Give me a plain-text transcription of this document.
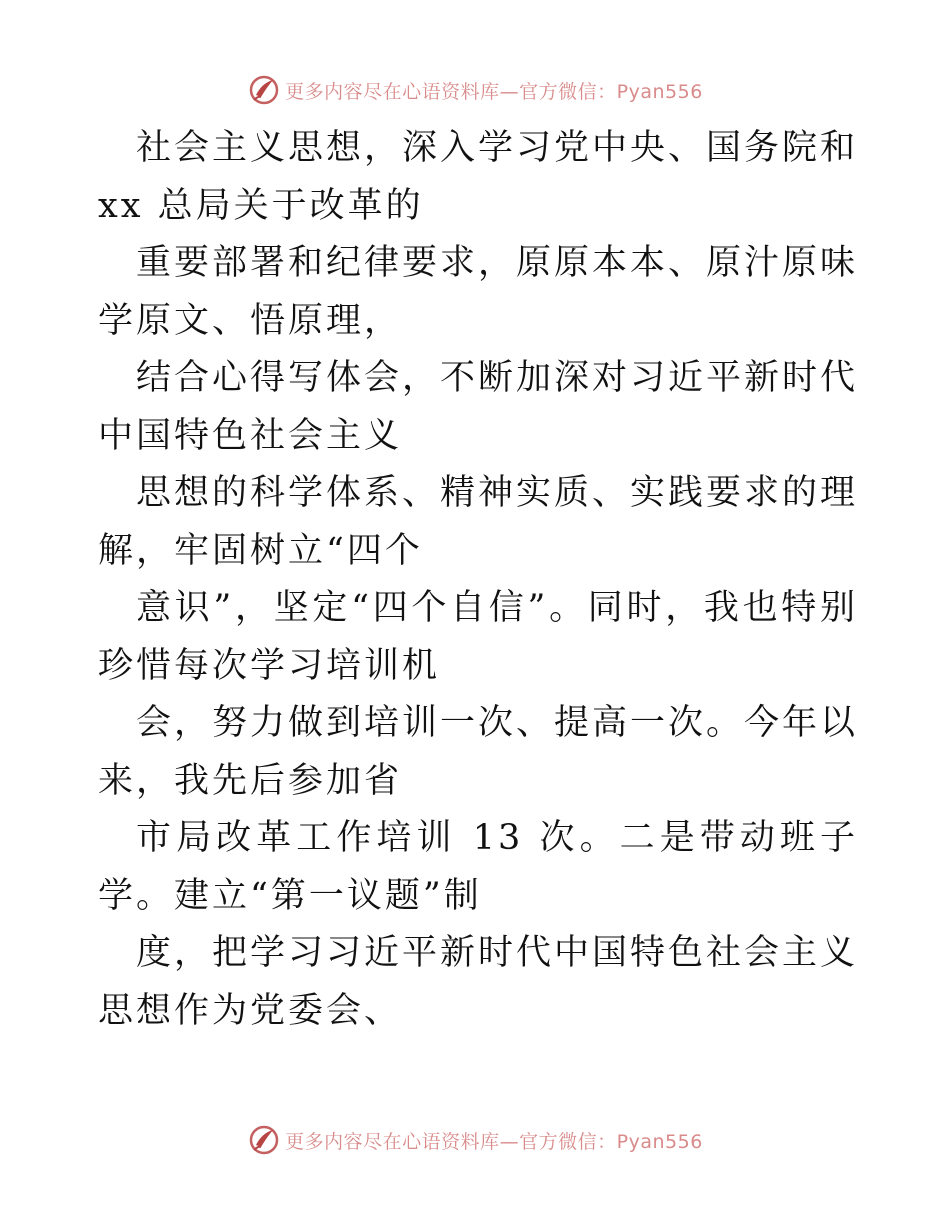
更多内容尽在心语资料库—官方微信：Pyan556

社会主义思想，深入学习党中央、国务院和 xx 总局关于改革的

重要部署和纪律要求，原原本本、原汁原味学原文、悟原理，

结合心得写体会，不断加深对习近平新时代中国特色社会主义

思想的科学体系、精神实质、实践要求的理解，牢固树立“四个

意识”，坚定“四个自信”。同时，我也特别珍惜每次学习培训机

会，努力做到培训一次、提高一次。今年以来，我先后参加省

市局改革工作培训 13 次。二是带动班子学。建立“第一议题”制

度，把学习习近平新时代中国特色社会主义思想作为党委会、

更多内容尽在心语资料库—官方微信：Pyan556
